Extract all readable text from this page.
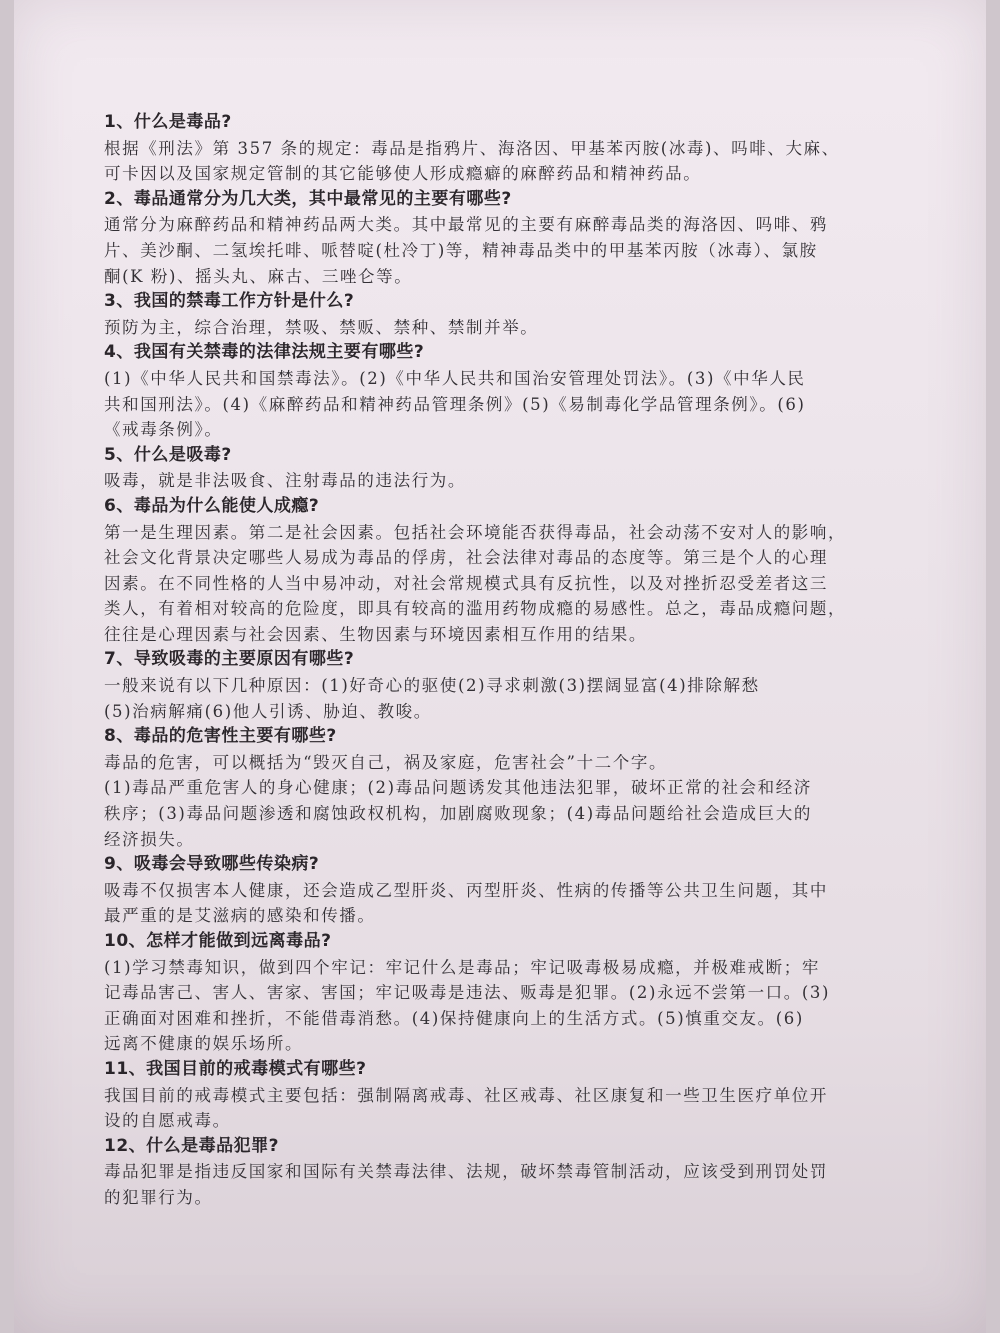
1、什么是毒品?
根据《刑法》第 357 条的规定：毒品是指鸦片、海洛因、甲基苯丙胺(冰毒)、吗啡、大麻、
可卡因以及国家规定管制的其它能够使人形成瘾癖的麻醉药品和精神药品。
2、毒品通常分为几大类，其中最常见的主要有哪些?
通常分为麻醉药品和精神药品两大类。其中最常见的主要有麻醉毒品类的海洛因、吗啡、鸦
片、美沙酮、二氢埃托啡、哌替啶(杜冷丁)等，精神毒品类中的甲基苯丙胺（冰毒）、氯胺
酮(K 粉)、摇头丸、麻古、三唑仑等。
3、我国的禁毒工作方针是什么?
预防为主，综合治理，禁吸、禁贩、禁种、禁制并举。
4、我国有关禁毒的法律法规主要有哪些?
(1)《中华人民共和国禁毒法》。(2)《中华人民共和国治安管理处罚法》。(3)《中华人民
共和国刑法》。(4)《麻醉药品和精神药品管理条例》(5)《易制毒化学品管理条例》。(6)
《戒毒条例》。
5、什么是吸毒?
吸毒，就是非法吸食、注射毒品的违法行为。
6、毒品为什么能使人成瘾?
第一是生理因素。第二是社会因素。包括社会环境能否获得毒品，社会动荡不安对人的影响，
社会文化背景决定哪些人易成为毒品的俘虏，社会法律对毒品的态度等。第三是个人的心理
因素。在不同性格的人当中易冲动，对社会常规模式具有反抗性，以及对挫折忍受差者这三
类人，有着相对较高的危险度，即具有较高的滥用药物成瘾的易感性。总之，毒品成瘾问题，
往往是心理因素与社会因素、生物因素与环境因素相互作用的结果。
7、导致吸毒的主要原因有哪些?
一般来说有以下几种原因：(1)好奇心的驱使(2)寻求刺激(3)摆阔显富(4)排除解愁
(5)治病解痛(6)他人引诱、胁迫、教唆。
8、毒品的危害性主要有哪些?
毒品的危害，可以概括为“毁灭自己，祸及家庭，危害社会”十二个字。
(1)毒品严重危害人的身心健康；(2)毒品问题诱发其他违法犯罪，破坏正常的社会和经济
秩序；(3)毒品问题渗透和腐蚀政权机构，加剧腐败现象；(4)毒品问题给社会造成巨大的
经济损失。
9、吸毒会导致哪些传染病?
吸毒不仅损害本人健康，还会造成乙型肝炎、丙型肝炎、性病的传播等公共卫生问题，其中
最严重的是艾滋病的感染和传播。
10、怎样才能做到远离毒品?
(1)学习禁毒知识，做到四个牢记：牢记什么是毒品；牢记吸毒极易成瘾，并极难戒断；牢
记毒品害己、害人、害家、害国；牢记吸毒是违法、贩毒是犯罪。(2)永远不尝第一口。(3)
正确面对困难和挫折，不能借毒消愁。(4)保持健康向上的生活方式。(5)慎重交友。(6)
远离不健康的娱乐场所。
11、我国目前的戒毒模式有哪些?
我国目前的戒毒模式主要包括：强制隔离戒毒、社区戒毒、社区康复和一些卫生医疗单位开
设的自愿戒毒。
12、什么是毒品犯罪?
毒品犯罪是指违反国家和国际有关禁毒法律、法规，破坏禁毒管制活动，应该受到刑罚处罚
的犯罪行为。
